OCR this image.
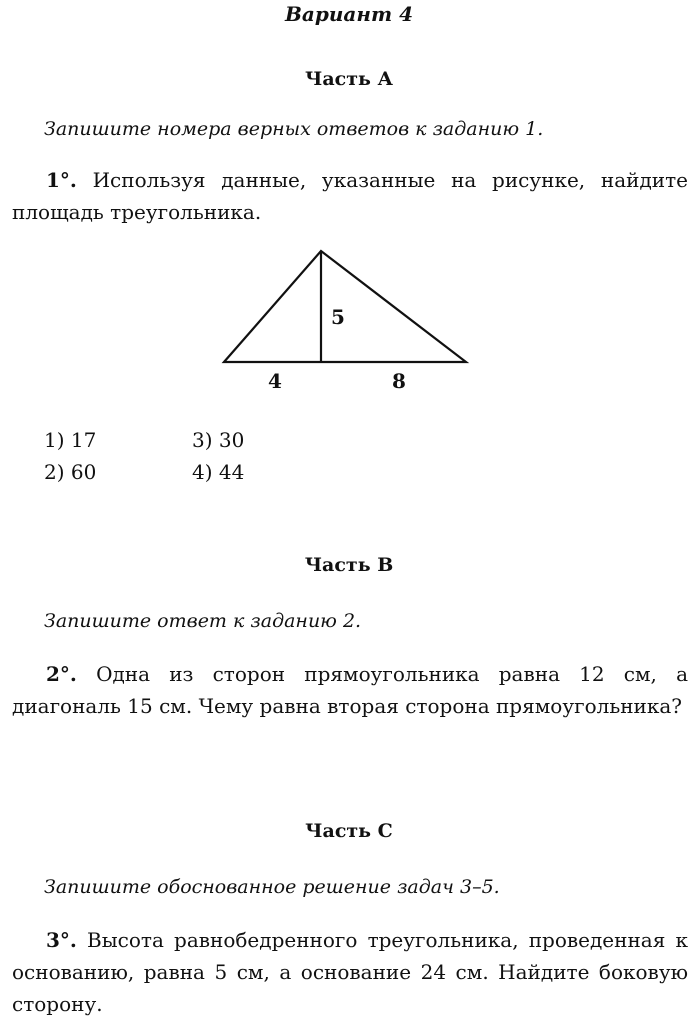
Вариант 4
Часть А
Запишите номера верных ответов к заданию 1.
1°. Используя данные, указанные на рисунке, найдите площадь треугольника.
5
4	8
1) 17	3) 30
2) 60	4) 44
Часть В
Запишите ответ к заданию 2.
2°. Одна из сторон прямоугольника равна 12 см, а диагональ 15 см. Чему равна вторая сторона прямоугольника?
Часть С
Запишите обоснованное решение задач 3–5.
3°. Высота равнобедренного треугольника, проведенная к основанию, равна 5 см, а основание 24 см. Найдите боковую сторону.
